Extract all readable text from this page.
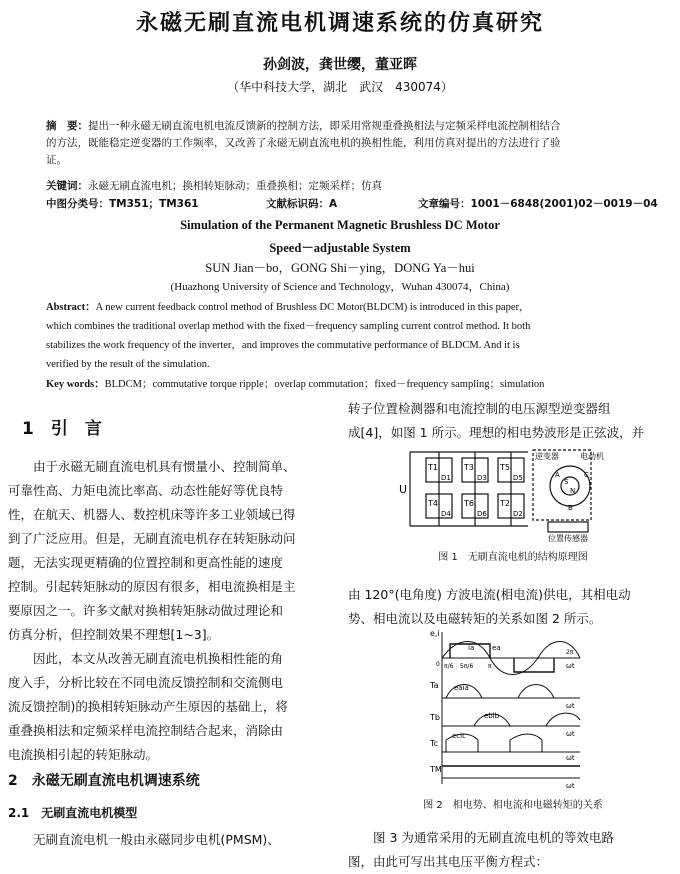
永磁无刷直流电机调速系统的仿真研究
孙剑波，龚世缨，董亚晖
（华中科技大学，湖北　武汉　430074）
摘　要：提出一种永磁无刷直流电机电流反馈新的控制方法，即采用常规重叠换相法与定频采样电流控制相结合
的方法，既能稳定逆变器的工作频率，又改善了永磁无刷直流电机的换相性能，利用仿真对提出的方法进行了验
证。
关键词：永磁无刷直流电机；换相转矩脉动；重叠换相；定频采样；仿真
中图分类号：TM351；TM361	文献标识码：A	文章编号：1001－6848(2001)02－0019－04
Simulation of the Permanent Magnetic Brushless DC Motor
Speed－adjustable System
SUN Jian－bo，GONG Shi－ying，DONG Ya－hui
(Huazhong University of Science and Technology，Wuhan 430074，China)
Abstract：A new current feedback control method of Brushless DC Motor(BLDCM) is introduced in this paper，
which combines the traditional overlap method with the fixed－frequency sampling current control method. It both
stabilizes the work frequency of the inverter，and improves the commutative performance of BLDCM. And it is
verified by the result of the simulation.
Key words：BLDCM；commutative torque ripple；overlap commutation；fixed－frequency sampling；simulation
1　引　言
　　由于永磁无刷直流电机具有惯量小、控制简单、
可靠性高、力矩电流比率高、动态性能好等优良特
性，在航天、机器人、数控机床等许多工业领域已得
到了广泛应用。但是，无刷直流电机存在转矩脉动问
题，无法实现更精确的位置控制和更高性能的速度
控制。引起转矩脉动的原因有很多，相电流换相是主
要原因之一。许多文献对换相转矩脉动做过理论和
仿真分析，但控制效果不理想[1~3]。
　　因此，本文从改善无刷直流电机换相性能的角
度入手，分析比较在不同电流反馈控制和交流侧电
流反馈控制)的换相转矩脉动产生原因的基础上，将
重叠换相法和定频采样电流控制结合起来，消除由
电流换相引起的转矩脉动。
2　永磁无刷直流电机调速系统
2.1　无刷直流电机模型
　　无刷直流电机一般由永磁同步电机(PMSM)、
转子位置检测器和电流控制的电压源型逆变器组
成[4]，如图 1 所示。理想的相电势波形是正弦波，并
U
T1	T3	T5
T4	T6	T2
D1	D3	D5
D4	D6	D2
逆变器	电动机
A	C
B
S
N
位置传感器
图 1　无刷直流电机的结构原理图
由 120°(电角度) 方波电流(相电流)供电，其相电动
势、相电流以及电磁转矩的关系如图 2 所示。
e,i
ia	ea
0 π/6 5π/6 π
2π
ωt
Ta eaia
ωt
Tb	ebib
ωt
Tc
ecic
ωt
TM
ωt
图 2　相电势、相电流和电磁转矩的关系
　　图 3 为通常采用的无刷直流电机的等效电路
图，由此可写出其电压平衡方程式：
